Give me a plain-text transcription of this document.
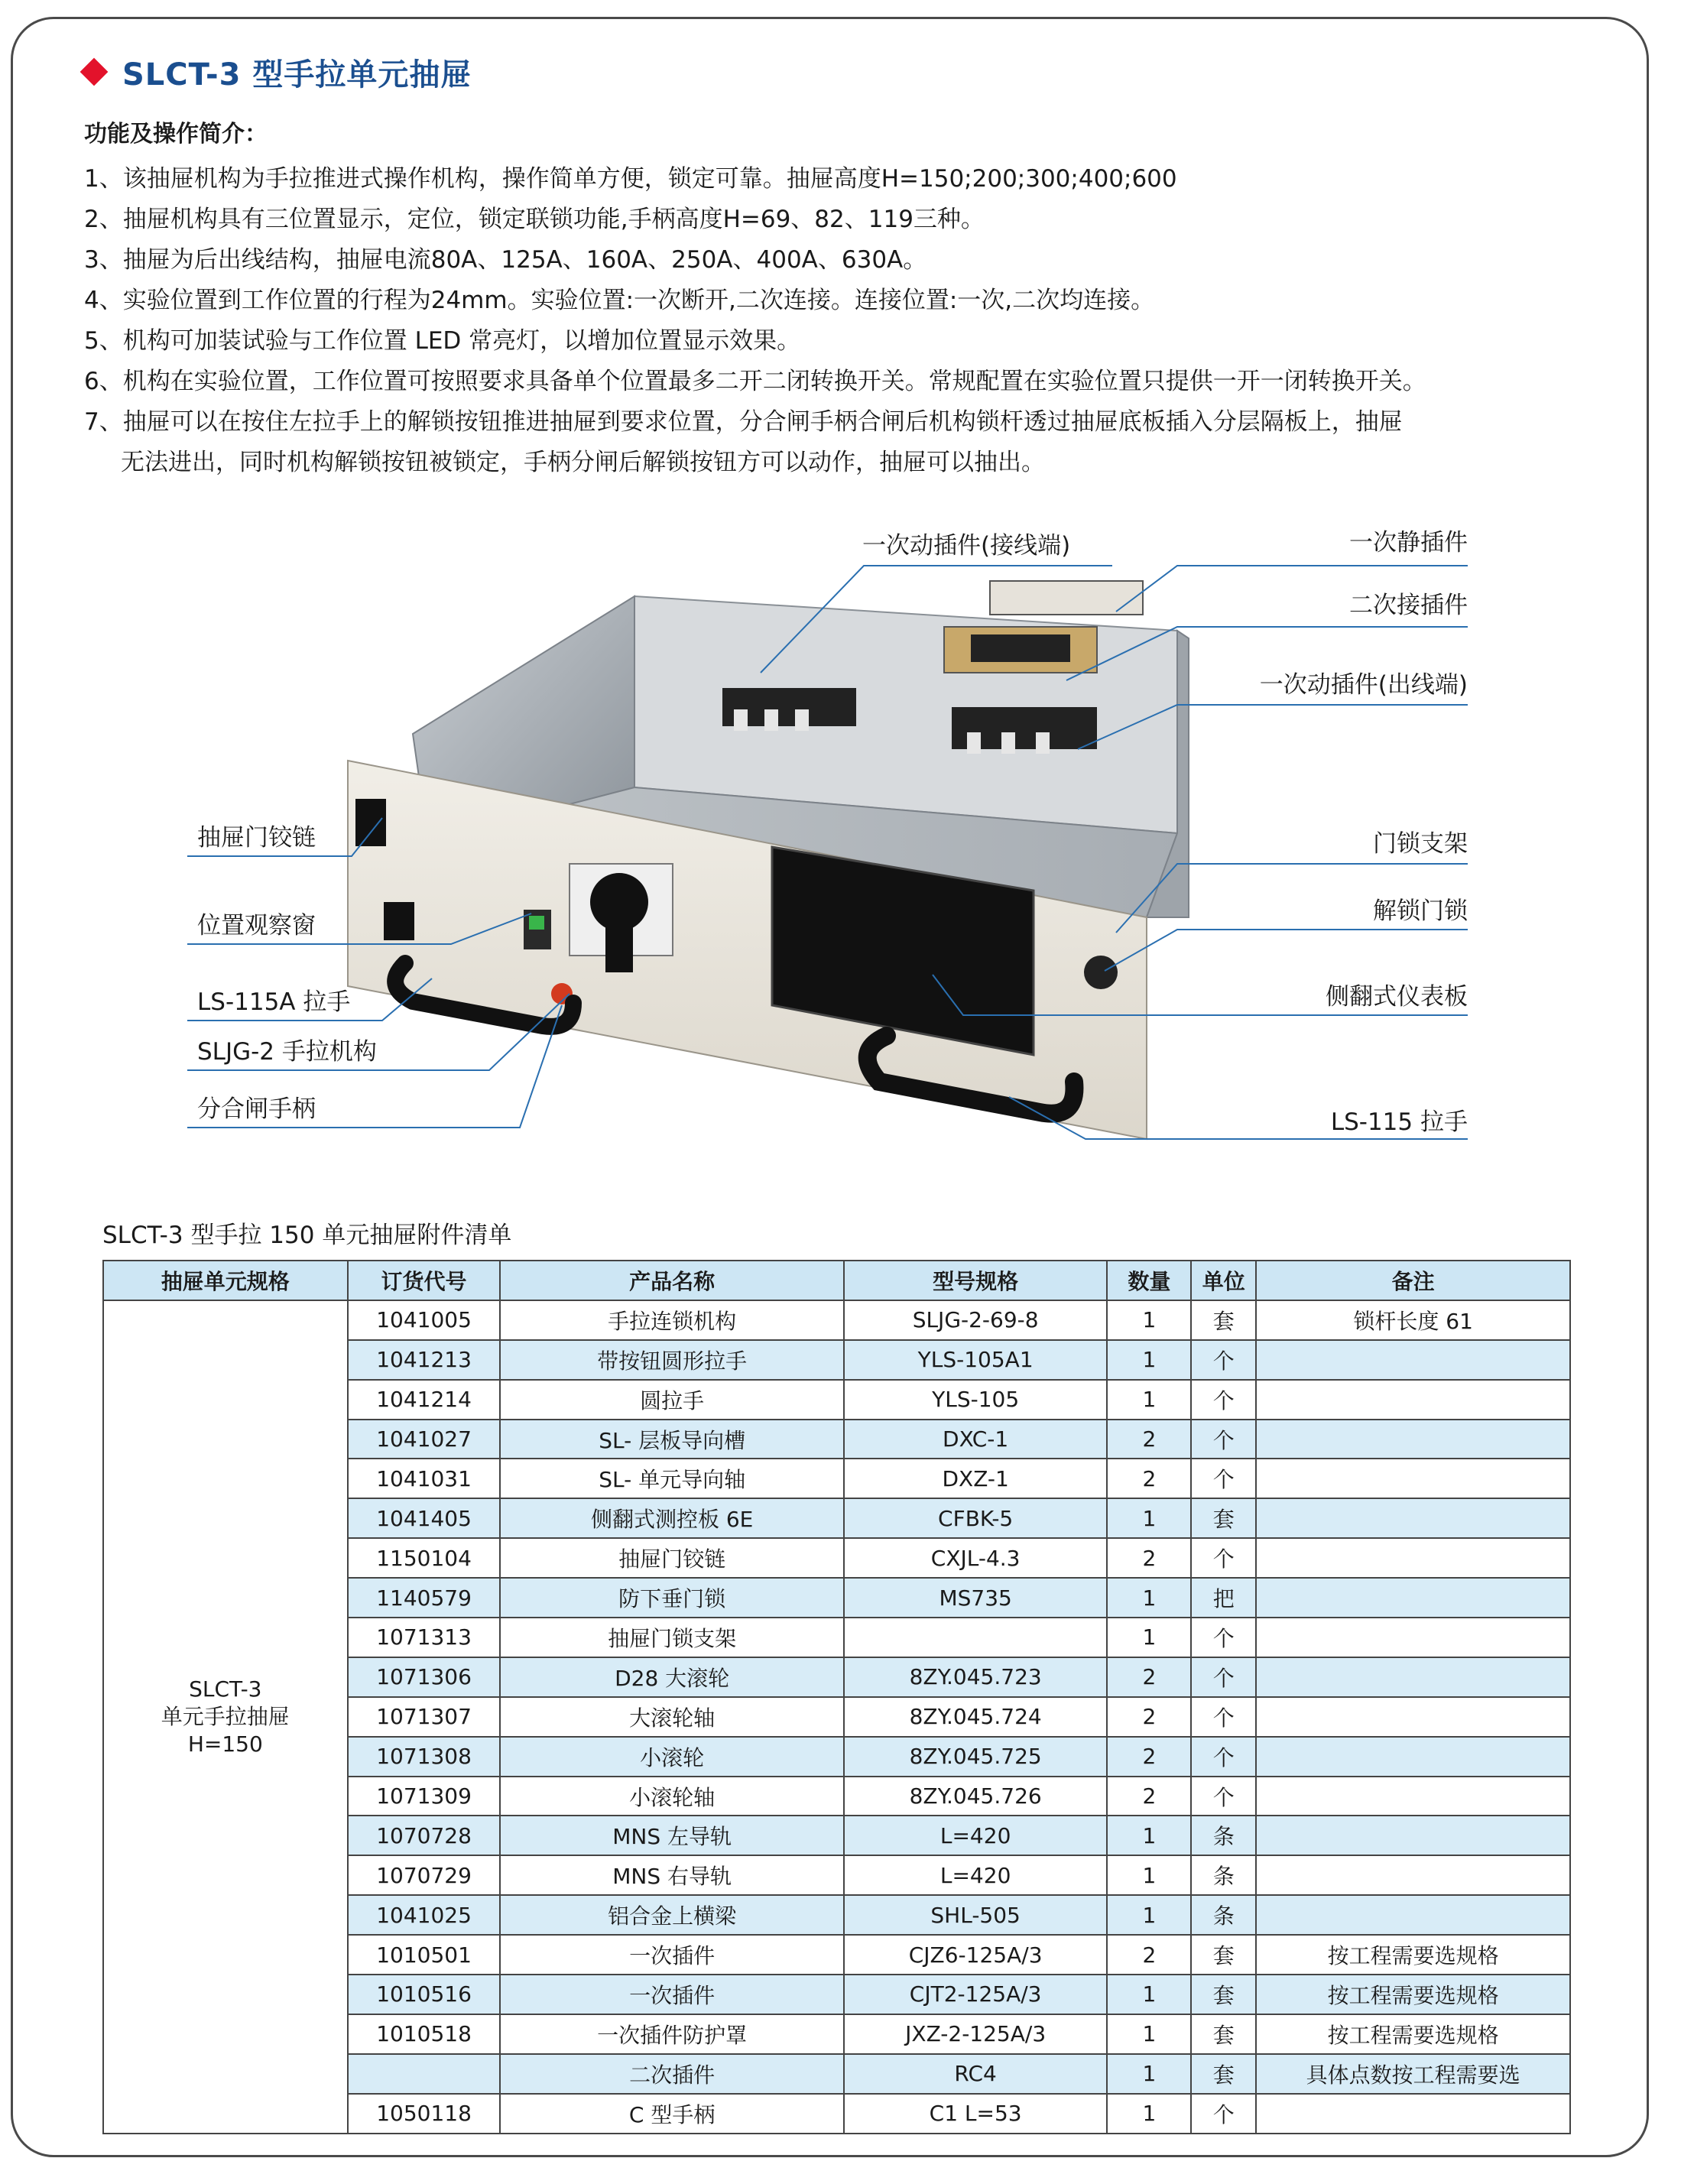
SLCT-3 型手拉单元抽屉
功能及操作简介：
1、该抽屉机构为手拉推进式操作机构，操作简单方便，锁定可靠。抽屉高度H=150;200;300;400;600
2、抽屉机构具有三位置显示，定位，锁定联锁功能,手柄高度H=69、82、119三种。
3、抽屉为后出线结构，抽屉电流80A、125A、160A、250A、400A、630A。
4、实验位置到工作位置的行程为24mm。实验位置:一次断开,二次连接。连接位置:一次,二次均连接。
5、机构可加装试验与工作位置 LED 常亮灯，以增加位置显示效果。
6、机构在实验位置，工作位置可按照要求具备单个位置最多二开二闭转换开关。常规配置在实验位置只提供一开一闭转换开关。
7、抽屉可以在按住左拉手上的解锁按钮推进抽屉到要求位置，分合闸手柄合闸后机构锁杆透过抽屉底板插入分层隔板上，抽屉
无法进出，同时机构解锁按钮被锁定，手柄分闸后解锁按钮方可以动作，抽屉可以抽出。
一次动插件(接线端)	一次静插件
二次接插件
一次动插件(出线端)
抽屉门铰链
位置观察窗
LS-115A 拉手
SLJG-2 手拉机构
分合闸手柄
门锁支架
解锁门锁
侧翻式仪表板
LS-115 拉手
SLCT-3 型手拉 150 单元抽屉附件清单
抽屉单元规格	订货代号	产品名称	型号规格	数量	单位	备注

SLCT-3
单元手拉抽屉
H=150	1041005	手拉连锁机构	SLJG-2-69-8	1	套	锁杆长度 61
	1041213	带按钮圆形拉手	YLS-105A1	1	个	
	1041214	圆拉手	YLS-105	1	个	
	1041027	SL- 层板导向槽	DXC-1	2	个	
	1041031	SL- 单元导向轴	DXZ-1	2	个	
	1041405	侧翻式测控板 6E	CFBK-5	1	套	
	1150104	抽屉门铰链	CXJL-4.3	2	个	
	1140579	防下垂门锁	MS735	1	把	
	1071313	抽屉门锁支架		1	个	
	1071306	D28 大滚轮	8ZY.045.723	2	个	
	1071307	大滚轮轴	8ZY.045.724	2	个	
	1071308	小滚轮	8ZY.045.725	2	个	
	1071309	小滚轮轴	8ZY.045.726	2	个	
	1070728	MNS 左导轨	L=420	1	条	
	1070729	MNS 右导轨	L=420	1	条	
	1041025	铝合金上横梁	SHL-505	1	条	
	1010501	一次插件	CJZ6-125A/3	2	套	按工程需要选规格
	1010516	一次插件	CJT2-125A/3	1	套	按工程需要选规格
	1010518	一次插件防护罩	JXZ-2-125A/3	1	套	按工程需要选规格
		二次插件	RC4	1	套	具体点数按工程需要选
	1050118	C 型手柄	C1 L=53	1	个	
